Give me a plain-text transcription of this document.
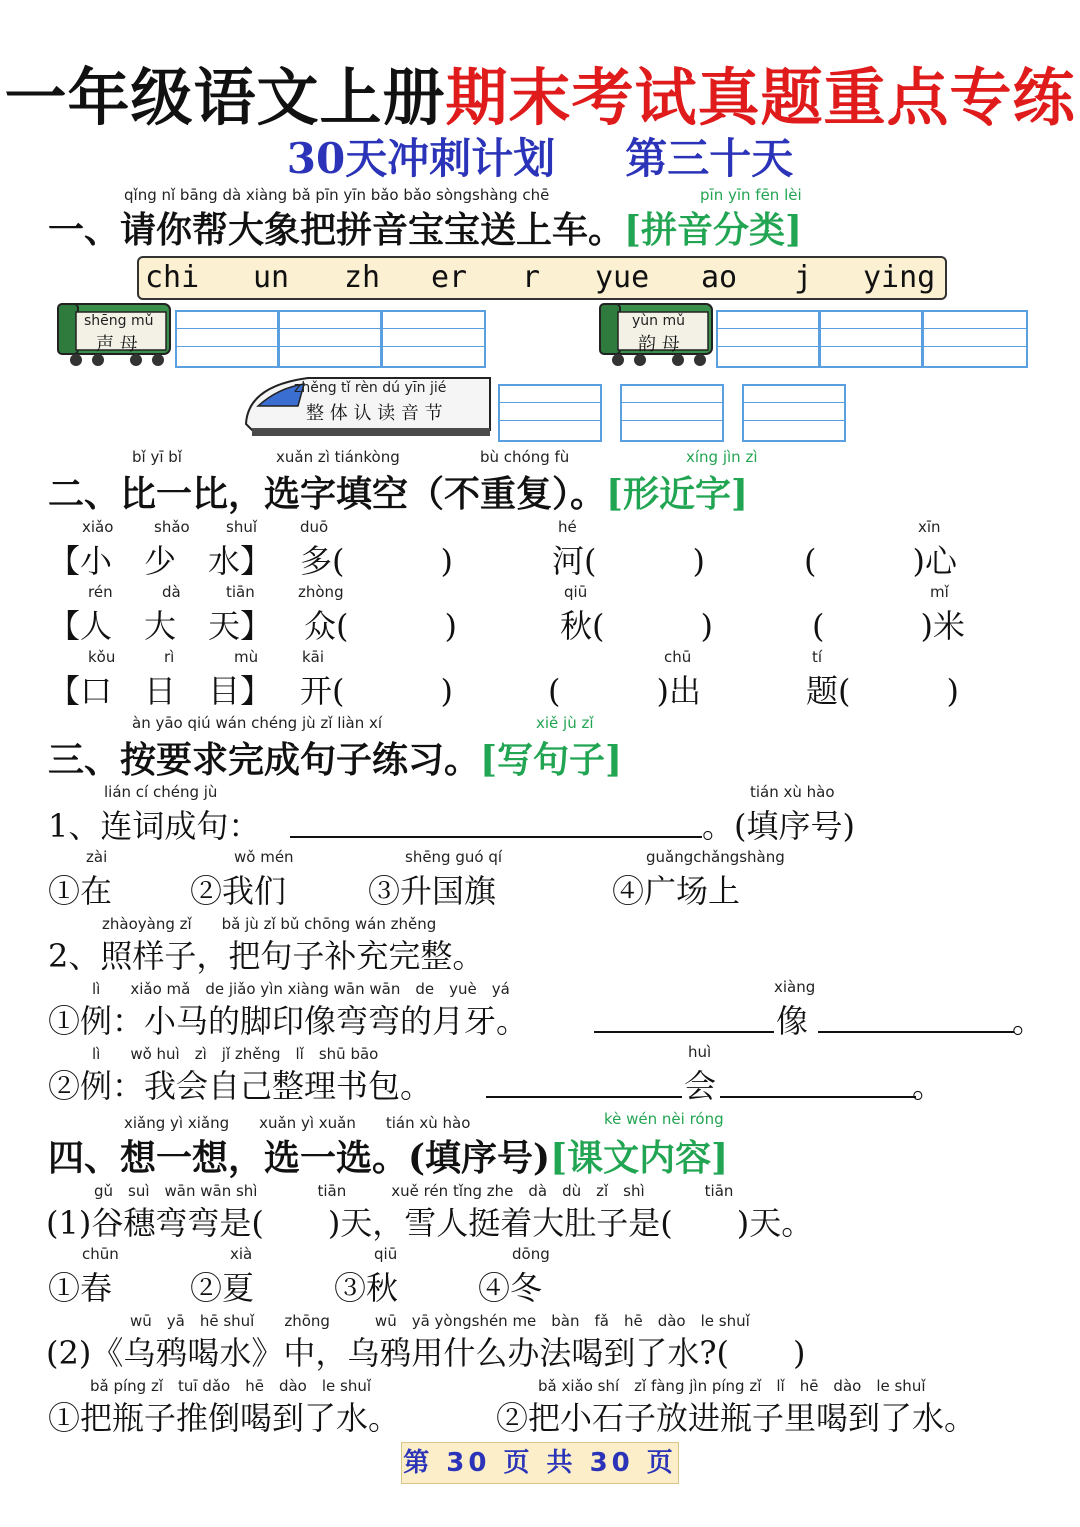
一年级语文上册期末考试真题重点专练
30天冲刺计划 第三十天
qǐng nǐ bāng dà xiàng bǎ pīn yīn bǎo bǎo sòngshàng chē	pīn yīn fēn lèi
一、请你帮大象把拼音宝宝送上车。[拼音分类]
chi un zh er r yue ao j ying
shēng mǔ
声 母
yùn mǔ
韵 母
zhěng tǐ rèn dú yīn jié
整 体 认 读 音 节
bǐ yī bǐ	xuǎn zì tiánkòng	bù chóng fù	xíng jìn zì
二、比一比，选字填空（不重复）。[形近字]
xiǎo	shǎo shuǐ	duō	hé	xīn
【小　少　水】 多(　　　)	河(　　　)	(　　　)心
rén	dà	tiān	zhòng	qiū	mǐ
【人　大　天】 众(　　　)	秋(　　　)	(　　　)米
kǒu	rì	mù	kāi	chū	tí
【口　日　目】 开(　　　)	(　　　)出	题(　　　)
àn yāo qiú wán chéng jù zǐ liàn xí	xiě jù zǐ
三、按要求完成句子练习。[写句子]
lián cí chéng jù	tián xù hào
1、连词成句：	。(填序号)
zài	wǒ mén	shēng guó qí	guǎngchǎngshàng
①在 ②我们	③升国旗	④广场上
zhàoyàng zǐ　　bǎ jù zǐ bǔ chōng wán zhěng
2、照样子，把句子补充完整。
lì　　xiǎo mǎ　de jiǎo yìn xiàng wān wān　de　yuè　yá	xiàng
①例：小马的脚印像弯弯的月牙。	像	。
lì　　wǒ huì　zì　jǐ zhěng　lǐ　shū bāo	huì
②例：我会自己整理书包。	会	。
xiǎng yì xiǎng　　xuǎn yì xuǎn　　tián xù hào	kè wén nèi róng
四、想一想，选一选。(填序号)[课文内容]
gǔ　suì　wān wān shì　　　　tiān　　　xuě rén tǐng zhe　dà　dù　zǐ　shì　　　　tiān
(1)谷穗弯弯是(　　)天，雪人挺着大肚子是(　　)天。
chūn	xià	qiū	dōng
①春 ②夏 ③秋 ④冬
wū　yā　hē shuǐ　　zhōng　　　wū　yā yòngshén me　bàn　fǎ　hē　dào　le shuǐ
(2)《乌鸦喝水》中，乌鸦用什么办法喝到了水?(　　)
bǎ píng zǐ　tuī dǎo　hē　dào　le shuǐ	bǎ xiǎo shí　zǐ fàng jìn píng zǐ　lǐ　hē　dào　le shuǐ
①把瓶子推倒喝到了水。	②把小石子放进瓶子里喝到了水。
第 30 页 共 30 页
